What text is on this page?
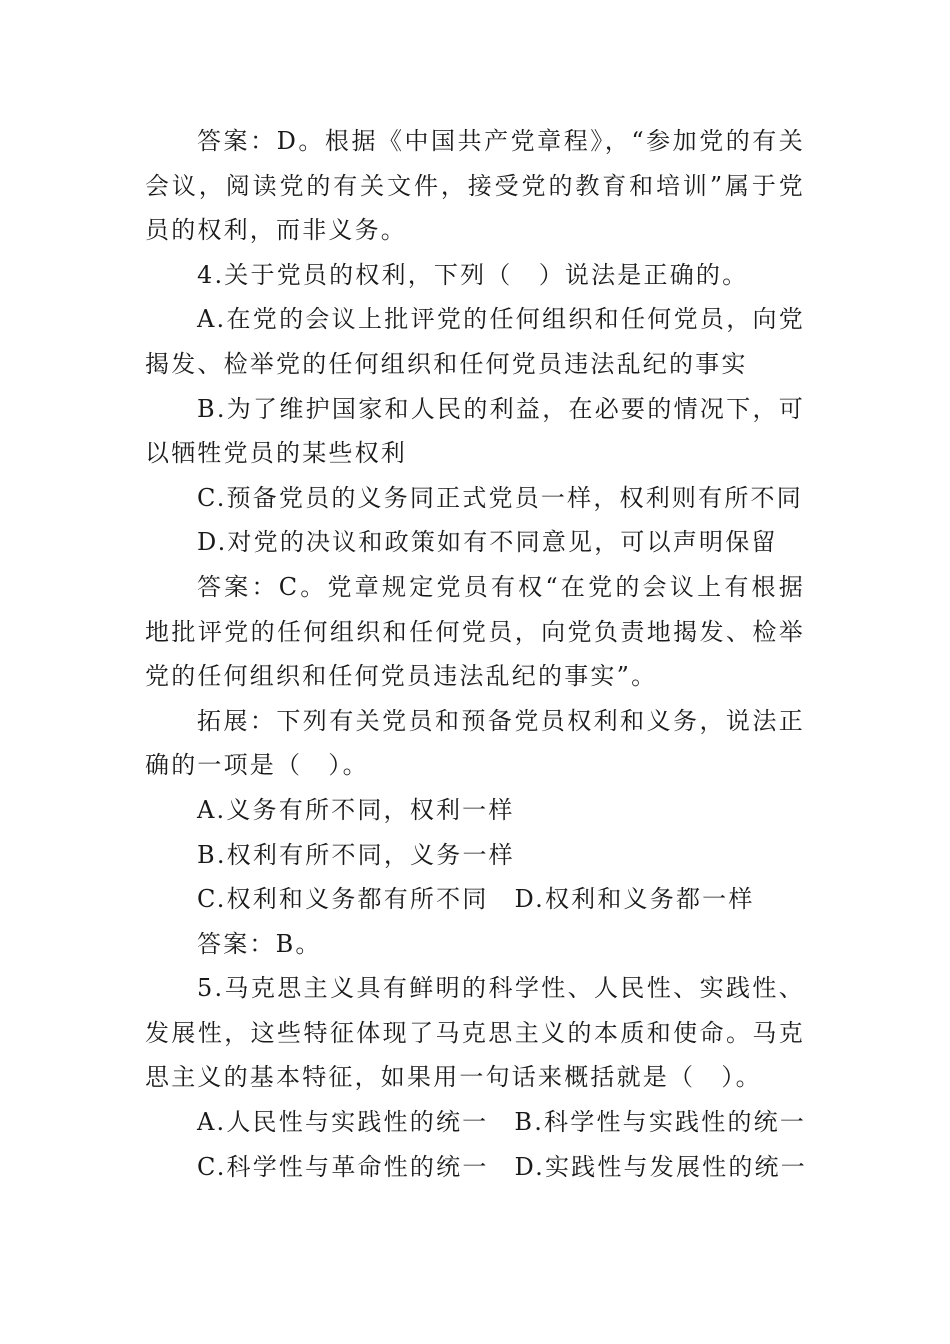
答案：D。根据《中国共产党章程》，“参加党的有关会议，阅读党的有关文件，接受党的教育和培训”属于党员的权利，而非义务。

4.关于党员的权利，下列（　）说法是正确的。

A.在党的会议上批评党的任何组织和任何党员，向党揭发、检举党的任何组织和任何党员违法乱纪的事实

B.为了维护国家和人民的利益，在必要的情况下，可以牺牲党员的某些权利

C.预备党员的义务同正式党员一样，权利则有所不同

D.对党的决议和政策如有不同意见，可以声明保留

答案：C。党章规定党员有权“在党的会议上有根据地批评党的任何组织和任何党员，向党负责地揭发、检举党的任何组织和任何党员违法乱纪的事实”。

拓展：下列有关党员和预备党员权利和义务，说法正确的一项是（　）。

A.义务有所不同，权利一样

B.权利有所不同，义务一样

C.权利和义务都有所不同 D.权利和义务都一样

答案：B。

5.马克思主义具有鲜明的科学性、人民性、实践性、发展性，这些特征体现了马克思主义的本质和使命。马克思主义的基本特征，如果用一句话来概括就是（　）。

A.人民性与实践性的统一 B.科学性与实践性的统一

C.科学性与革命性的统一 D.实践性与发展性的统一
